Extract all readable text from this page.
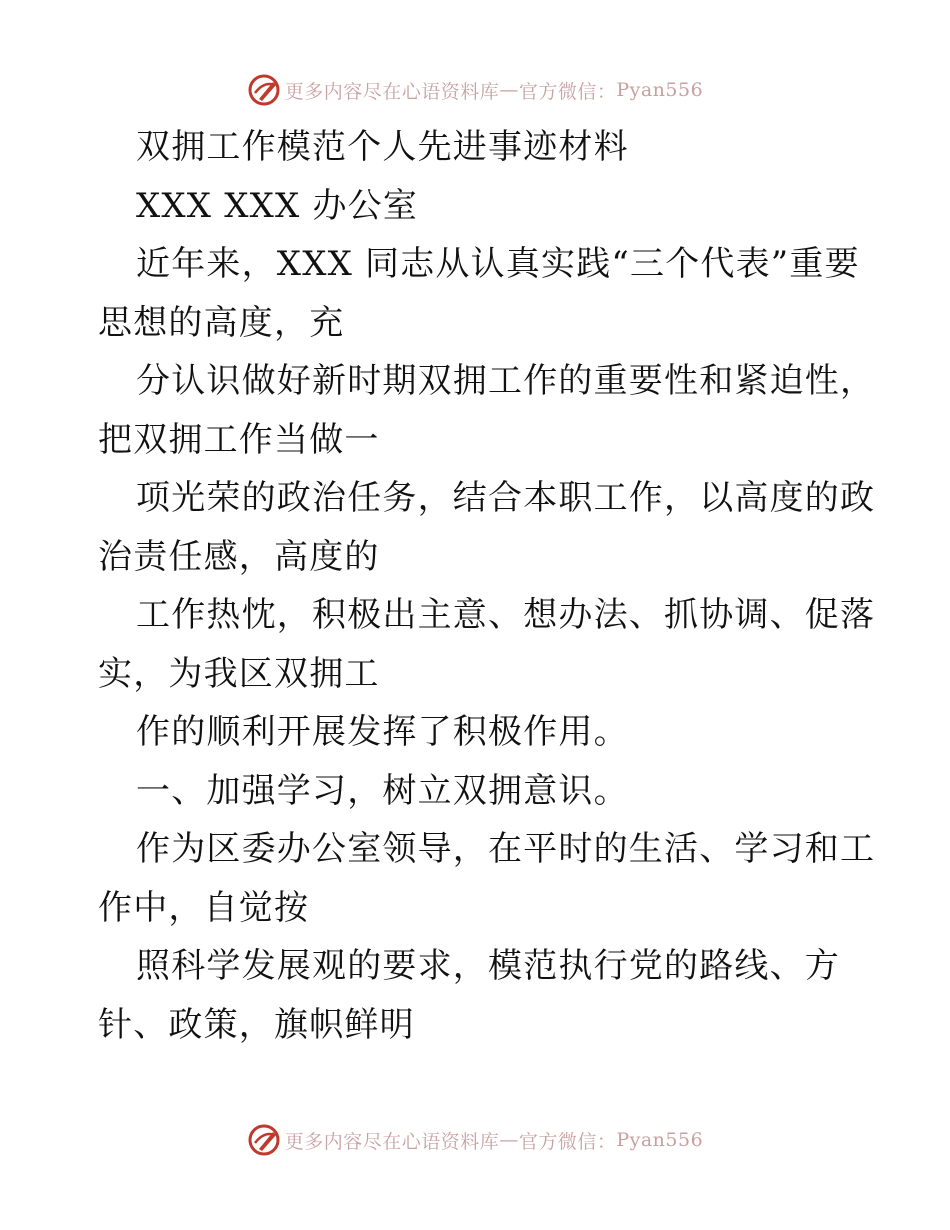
更多内容尽在心语资料库 — 官方微信： Pyan556

双拥工作模范个人先进事迹材料

XXX XXX 办公室

近年来，XXX 同志从认真实践“三个代表”重要

思想的高度，充

分认识做好新时期双拥工作的重要性和紧迫性，

把双拥工作当做一

项光荣的政治任务，结合本职工作，以高度的政

治责任感，高度的

工作热忱，积极出主意、想办法、抓协调、促落

实，为我区双拥工

作的顺利开展发挥了积极作用。

一、加强学习，树立双拥意识。

作为区委办公室领导，在平时的生活、学习和工

作中，自觉按

照科学发展观的要求，模范执行党的路线、方

针、政策，旗帜鲜明

更多内容尽在心语资料库 — 官方微信： Pyan556
